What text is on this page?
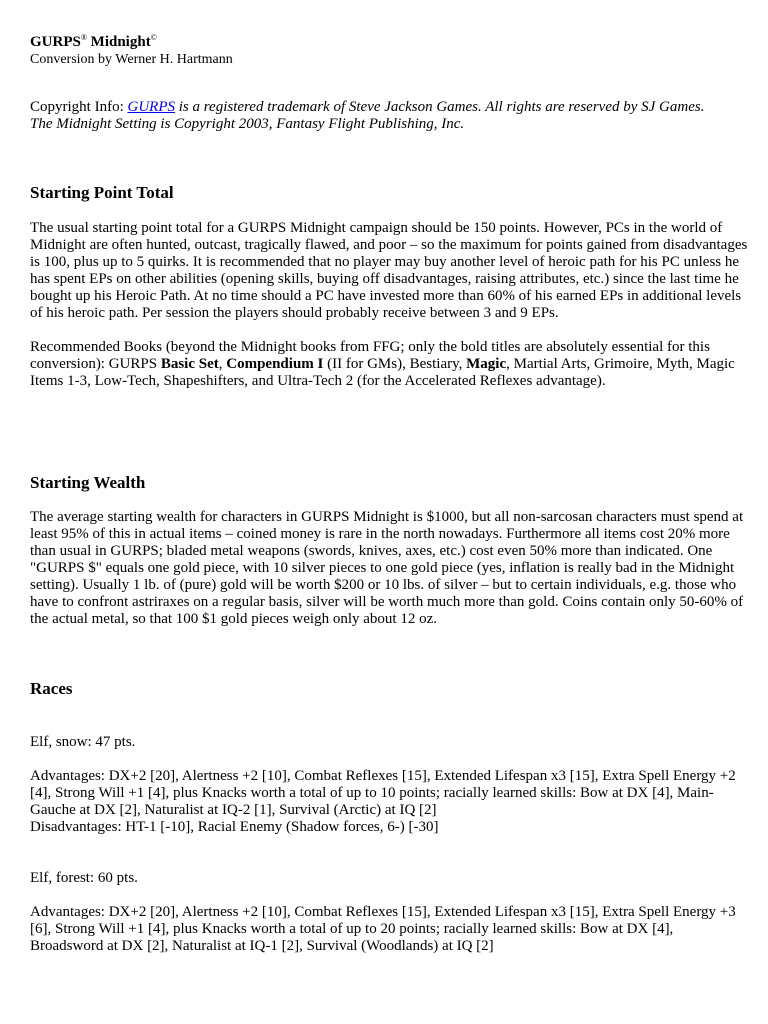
GURPS® Midnight©
Conversion by Werner H. Hartmann
Copyright Info: GURPS is a registered trademark of Steve Jackson Games. All rights are reserved by SJ Games.
The Midnight Setting is Copyright 2003, Fantasy Flight Publishing, Inc.
Starting Point Total

The usual starting point total for a GURPS Midnight campaign should be 150 points. However, PCs in the world of Midnight are often hunted, outcast, tragically flawed, and poor – so the maximum for points gained from disadvantages is 100, plus up to 5 quirks. It is recommended that no player may buy another level of heroic path for his PC unless he has spent EPs on other abilities (opening skills, buying off disadvantages, raising attributes, etc.) since the last time he bought up his Heroic Path. At no time should a PC have invested more than 60% of his earned EPs in additional levels of his heroic path. Per session the players should probably receive between 3 and 9 EPs.

Recommended Books (beyond the Midnight books from FFG; only the bold titles are absolutely essential for this conversion): GURPS Basic Set, Compendium I (II for GMs), Bestiary, Magic, Martial Arts, Grimoire, Myth, Magic Items 1-3, Low-Tech, Shapeshifters, and Ultra-Tech 2 (for the Accelerated Reflexes advantage).

Starting Wealth

The average starting wealth for characters in GURPS Midnight is $1000, but all non-sarcosan characters must spend at least 95% of this in actual items – coined money is rare in the north nowadays. Furthermore all items cost 20% more than usual in GURPS; bladed metal weapons (swords, knives, axes, etc.) cost even 50% more than indicated. One "GURPS $" equals one gold piece, with 10 silver pieces to one gold piece (yes, inflation is really bad in the Midnight setting). Usually 1 lb. of (pure) gold will be worth $200 or 10 lbs. of silver – but to certain individuals, e.g. those who have to confront astriraxes on a regular basis, silver will be worth much more than gold. Coins contain only 50-60% of the actual metal, so that 100 $1 gold pieces weigh only about 12 oz.

Races

Elf, snow: 47 pts.

Advantages: DX+2 [20], Alertness +2 [10], Combat Reflexes [15], Extended Lifespan x3 [15], Extra Spell Energy +2 [4], Strong Will +1 [4], plus Knacks worth a total of up to 10 points; racially learned skills: Bow at DX [4], Main-Gauche at DX [2], Naturalist at IQ-2 [1], Survival (Arctic) at IQ [2]

Disadvantages: HT-1 [-10], Racial Enemy (Shadow forces, 6-) [-30]

Elf, forest: 60 pts.

Advantages: DX+2 [20], Alertness +2 [10], Combat Reflexes [15], Extended Lifespan x3 [15], Extra Spell Energy +3 [6], Strong Will +1 [4], plus Knacks worth a total of up to 20 points; racially learned skills: Bow at DX [4], Broadsword at DX [2], Naturalist at IQ-1 [2], Survival (Woodlands) at IQ [2]
